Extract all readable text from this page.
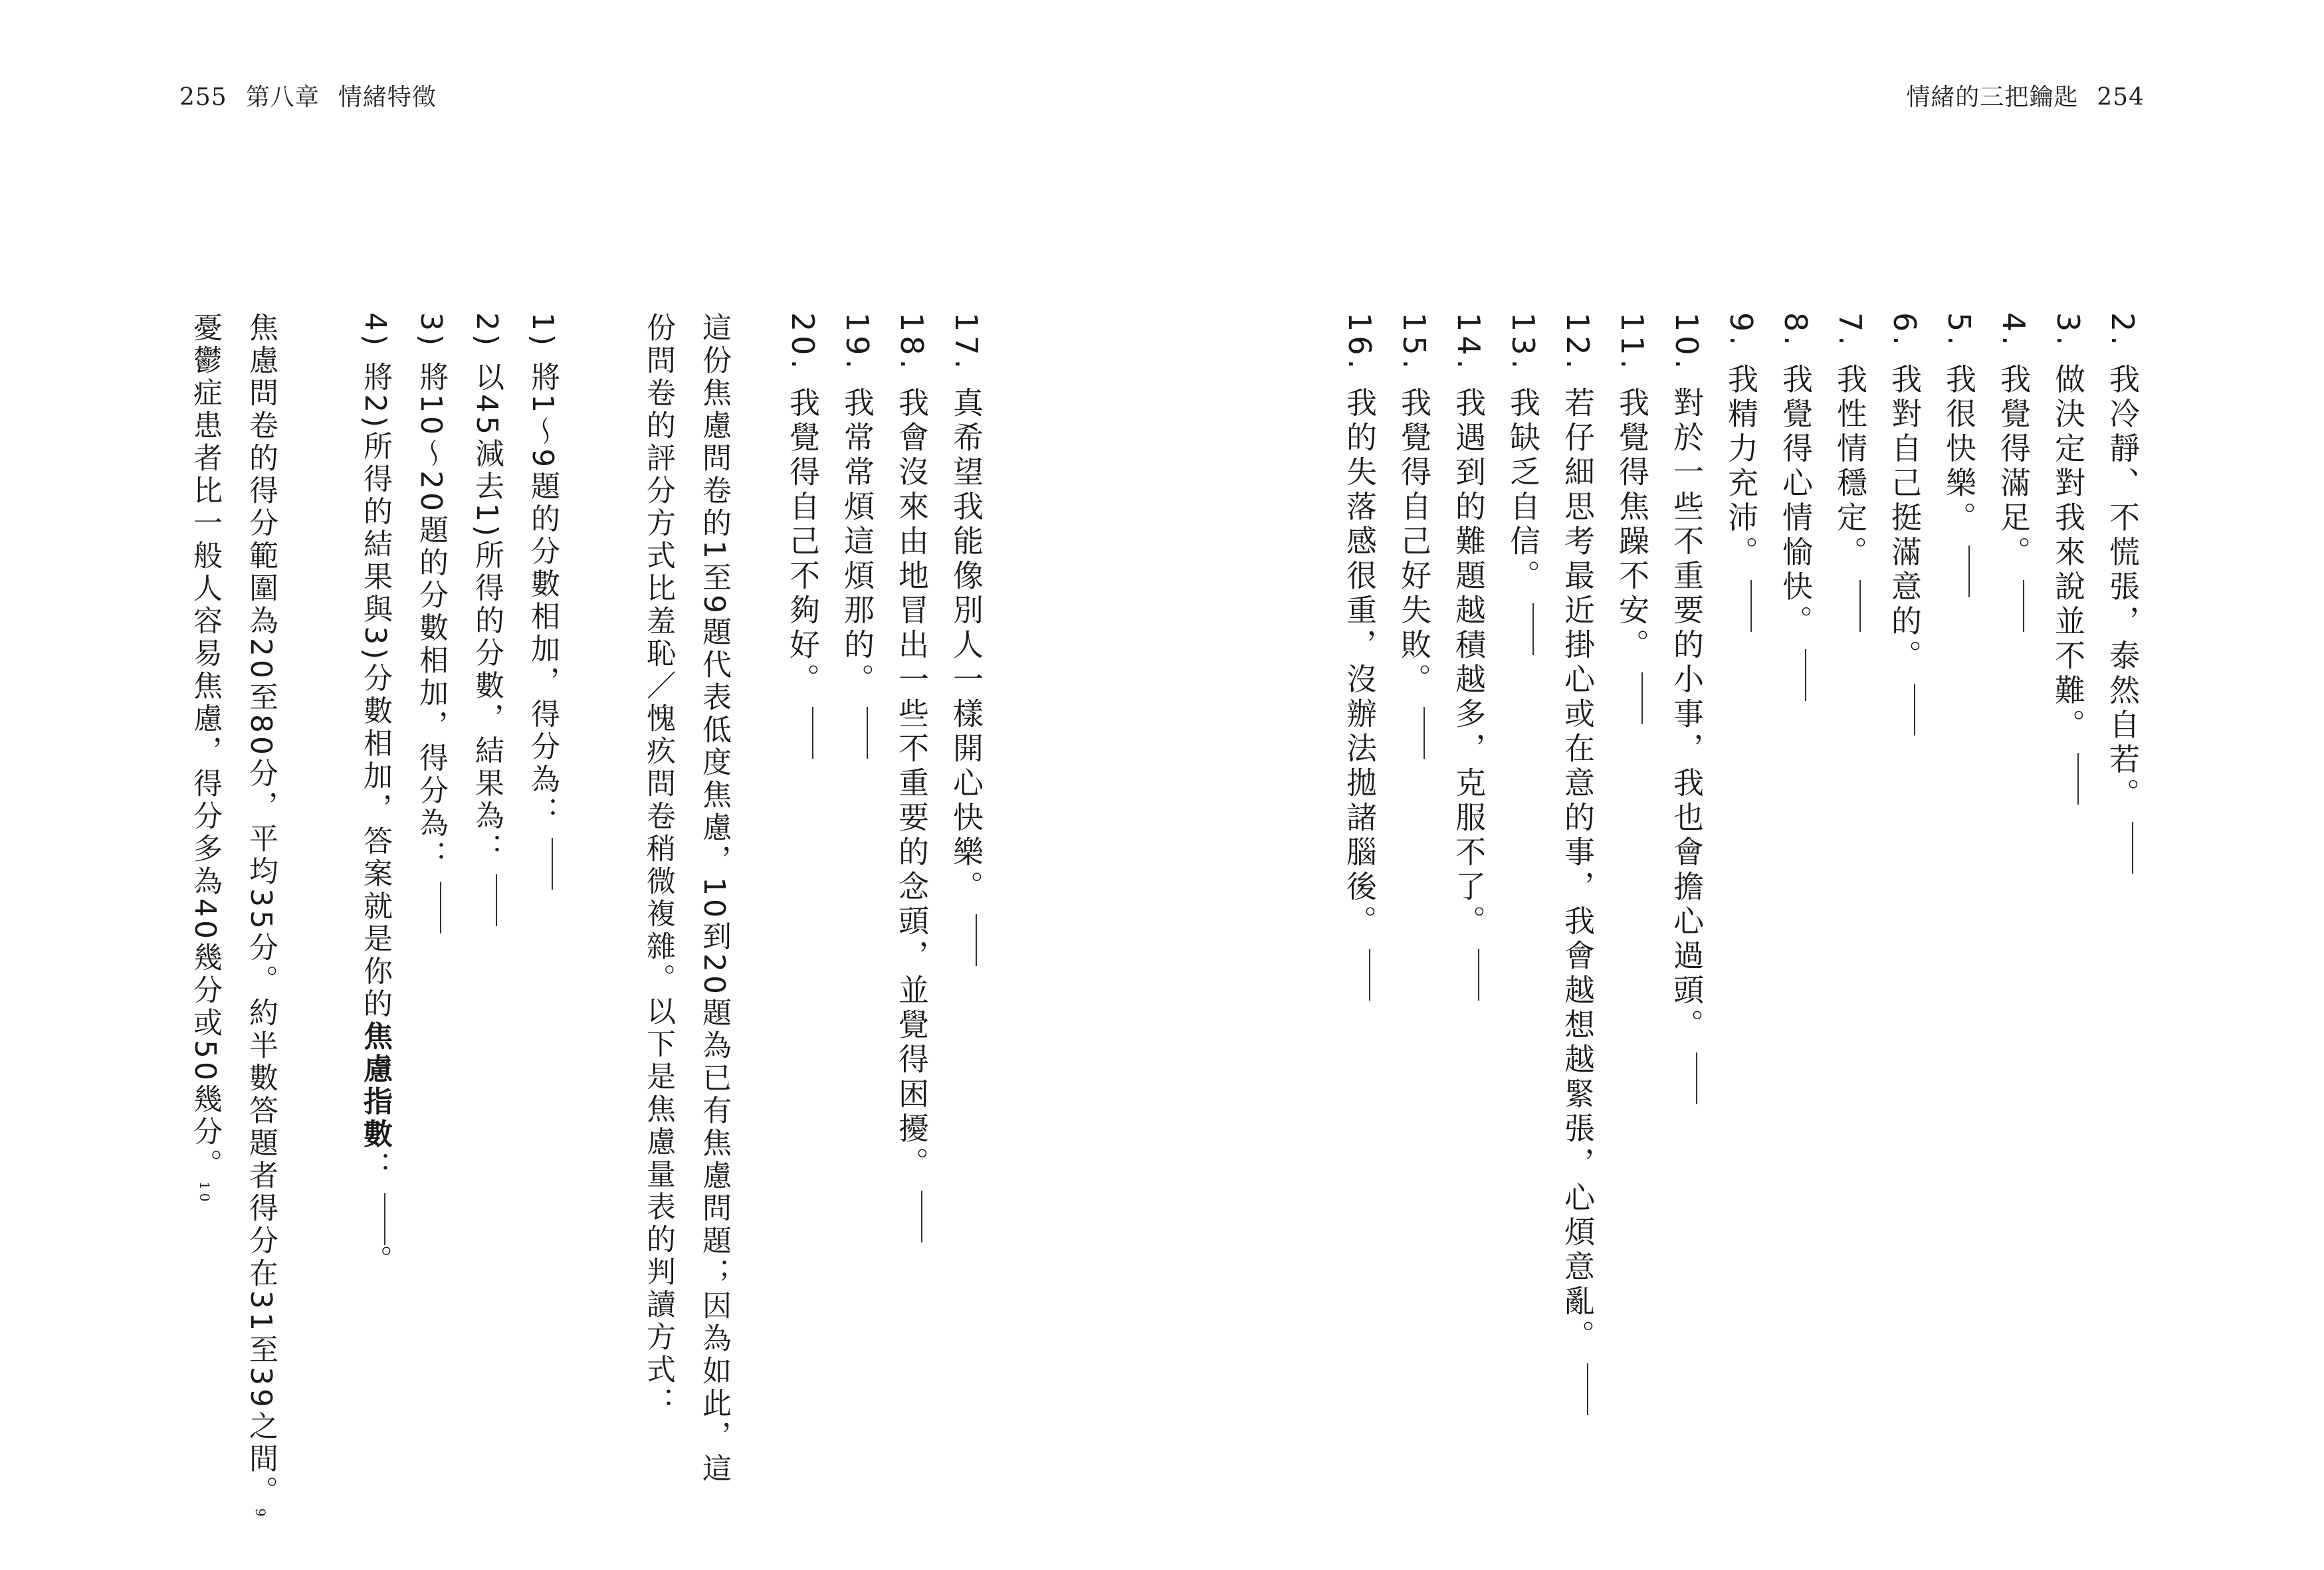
255 第八章 情緒特徵	情緒的三把鑰匙 254
2. 我冷靜、不慌張，泰然自若。
3. 做決定對我來說並不難。
4. 我覺得滿足。
5. 我很快樂。
6. 我對自己挺滿意的。
7. 我性情穩定。
8. 我覺得心情愉快。
9. 我精力充沛。
10. 對於一些不重要的小事，我也會擔心過頭。
11. 我覺得焦躁不安。
12. 若仔細思考最近掛心或在意的事，我會越想越緊張，心煩意亂。
13. 我缺乏自信。
14. 我遇到的難題越積越多，克服不了。
15. 我覺得自己好失敗。
16. 我的失落感很重，沒辦法拋諸腦後。
17. 真希望我能像別人一樣開心快樂。
18. 我會沒來由地冒出一些不重要的念頭，並覺得困擾。
19. 我常常煩這煩那的。
20. 我覺得自己不夠好。
這份焦慮問卷的1至9題代表低度焦慮，10到20題為已有焦慮問題；因為如此，這
份問卷的評分方式比羞恥／愧疚問卷稍微複雜。以下是焦慮量表的判讀方式：
1) 將1～9題的分數相加，得分為：
2) 以45減去1)所得的分數，結果為：
3) 將10～20題的分數相加，得分為：
4) 將2)所得的結果與3)分數相加，答案就是你的焦慮指數：。
焦慮問卷的得分範圍為20至80分，平均35分。約半數答題者得分在31至39之間。9
憂鬱症患者比一般人容易焦慮，得分多為40幾分或50幾分。10
